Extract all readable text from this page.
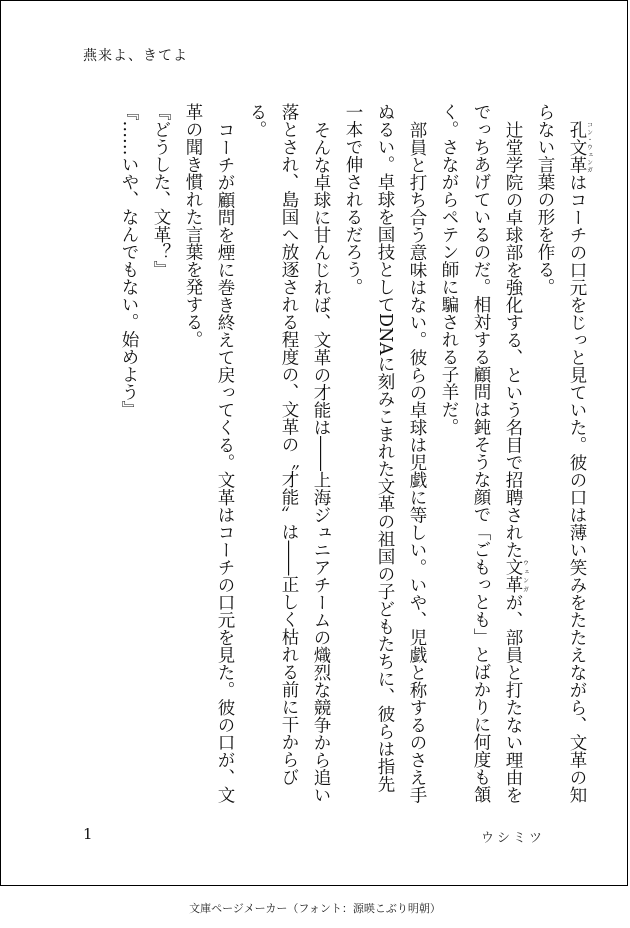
燕来よ、きてよ

孔文革コン・ウェンガはコーチの口元をじっと見ていた。彼の口は薄い笑みをたたえながら、文革の知らない言葉の形を作る。

辻堂学院の卓球部を強化する、という名目で招聘された文革ウェンガが、部員と打たない理由をでっちあげているのだ。相対する顧問は鈍そうな顔で「ごもっとも」とばかりに何度も頷く。さながらペテン師に騙される子羊だ。

部員と打ち合う意味はない。彼らの卓球は児戯に等しい。いや、児戯と称するのさえ手ぬるい。卓球を国技としてDNAに刻みこまれた文革の祖国の子どもたちに、彼らは指先一本で伸されるだろう。

そんな卓球に甘んじれば、文革の才能は――上海ジュニアチームの熾烈な競争から追い落とされ、島国へ放逐される程度の、文革の〝才能〟は――正しく枯れる前に干からびる。

コーチが顧問を煙に巻き終えて戻ってくる。文革はコーチの口元を見た。彼の口が、文革の聞き慣れた言葉を発する。

『どうした、文革？』

『……いや、なんでもない。始めよう』

1	ウシミツ
文庫ページメーカー（フォント：源暎こぶり明朝）
